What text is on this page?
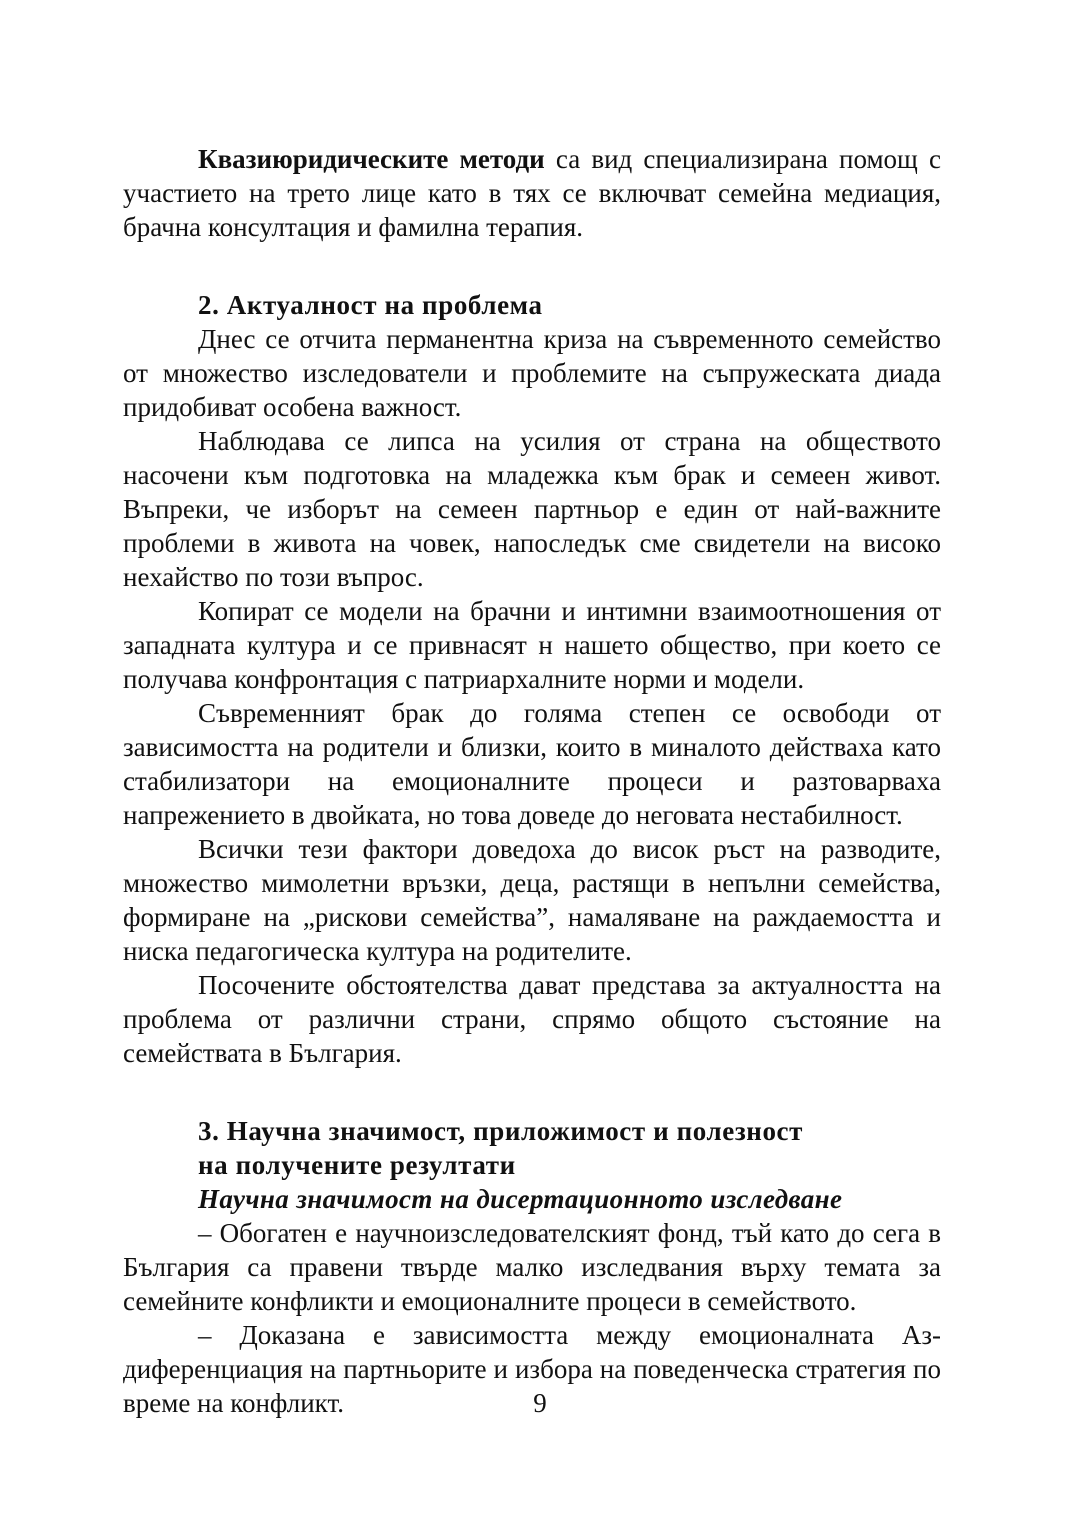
Квазиюридическите методи са вид специализирана помощ с участието на трето лице като в тях се включват семейна медиация, брачна консултация и фамилна терапия.

2. Актуалност на проблема

Днес се отчита перманентна криза на съвременното семейство от множество изследователи и проблемите на съпружеската диада придобиват особена важност.

Наблюдава се липса на усилия от страна на обществото насочени към подготовка на младежка към брак и семеен живот. Въпреки, че изборът на семеен партньор е един от най-важните проблеми в живота на човек, напоследък сме свидетели на високо нехайство по този въпрос.

Копират се модели на брачни и интимни взаимоотношения от западната култура и се привнасят н нашето общество, при което се получава конфронтация с патриархалните норми и модели.

Съвременният брак до голяма степен се освободи от зависимостта на родители и близки, които в миналото действаха като стабилизатори на емоционалните процеси и разтоварваха напрежението в двойката, но това доведе до неговата нестабилност.

Всички тези фактори доведоха до висок ръст на разводите, множество мимолетни връзки, деца, растящи в непълни семейства, формиране на „рискови семейства”, намаляване на раждаемостта и ниска педагогическа култура на родителите.

Посочените обстоятелства дават представа за актуалността на проблема от различни страни, спрямо общото състояние на семействата в България.

3. Научна значимост, приложимост и полезност

на получените резултати

Научна значимост на дисертационното изследване

– Обогатен е научноизследователският фонд, тъй като до сега в България са правени твърде малко изследвания върху темата за семейните конфликти и емоционалните процеси в семейството.

– Доказана е зависимостта между емоционалната Аз-диференциация на партньорите и избора на поведенческа стратегия по време на конфликт.	9
